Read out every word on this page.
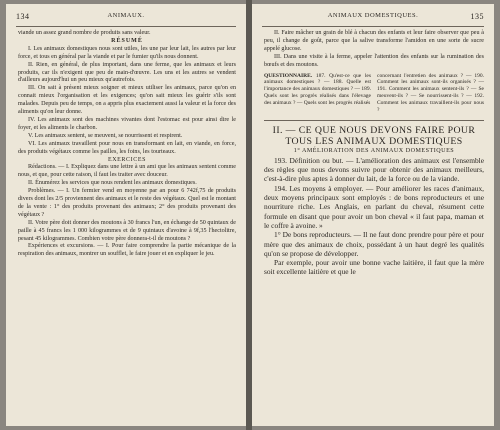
ANIMAUX.
134

viande un assez grand nombre de produits sans valeur.

RÉSUMÉ

I. Les animaux domestiques nous sont utiles, les une par leur lait, les autres par leur force, et tous en général par la viande et par le fumier qu'ils nous donnent.

II. Rien, en général, de plus important, dans une ferme, que les animaux et leurs produits, car ils n'exigent que peu de main-d'œuvre. Les uns et les autres se vendent d'ailleurs aujourd'hui un peu mieux qu'autrefois.

III. On sait à présent mieux soigner et mieux utiliser les animaux, parce qu'on en connait mieux l'organisation et les exigences; qu'on sait mieux les guérir s'ils sont malades. Depuis peu de temps, on a appris plus exactement aussi la valeur et la force des aliments qu'on leur donne.

IV. Les animaux sont des machines vivantes dont l'estomac est pour ainsi dire le foyer, et les aliments le charbon.

V. Les animaux sentent, se meuvent, se nourrissent et respirent.

VI. Les animaux travaillent pour nous en transformant en lait, en viande, en force, des produits végétaux comme les pailles, les foins, les tourteaux.

EXERCICES

Rédactions. — I. Expliquez dans une lettre à un ami que les animaux sentent comme nous, et que, pour cette raison, il faut les traiter avec douceur.

II. Énumérez les services que nous rendent les animaux domestiques.

Problèmes. — I. Un fermier vend en moyenne par an pour 6 742f,75 de produits divers dont les 2/5 proviennent des animaux et le reste des végétaux. Quel est le montant de la vente : 1° des produits provenant des animaux; 2° des produits provenant des végétaux ?

II. Votre père doit donner des moutons à 30 francs l'un, en échange de 50 quintaux de paille à 45 francs les 1 000 kilogrammes et de 9 quintaux d'avoine à 9f,35 l'hectolitre, pesant 45 kilogrammes. Combien votre père donnera-t-il de moutons ?

Expériences et excursions. — I. Pour faire comprendre la partie mécanique de la respiration des animaux, montrer un soufflet, le faire jouer et en expliquer le jeu.

ANIMAUX DOMESTIQUES.	135

II. Faire mâcher un grain de blé à chacun des enfants et leur faire observer que peu à peu, il change de goût, parce que la salive transforme l'amidon en une sorte de sucre appelé glucose.

III. Dans une visite à la ferme, appeler l'attention des enfants sur la rumination des bœufs et des moutons.

QUESTIONNAIRE. 187. Qu'est-ce que les animaux domestiques ? — 188. Quelle est l'importance des animaux domestiques ? — 189. Quels sont les progrès réalisés dans l'élevage des animaux ? — Quels sont les progrès réalisés
concernant l'entretien des animaux ? — 190. Comment les animaux sont-ils organisés ? — 191. Comment les animaux sentent-ils ? — Se meuvent-ils ? — Se nourrissent-ils ? — 192. Comment les animaux travaillent-ils pour nous ?

II. — CE QUE NOUS DEVONS FAIRE POUR TOUS LES ANIMAUX DOMESTIQUES

1° AMÉLIORATION DES ANIMAUX DOMESTIQUES

193. Définition ou but. — L'amélioration des animaux est l'ensemble des règles que nous devons suivre pour obtenir des animaux meilleurs, c'est-à-dire plus aptes à donner du lait, de la force ou de la viande.

194. Les moyens à employer. — Pour améliorer les races d'animaux, deux moyens principaux sont employés : de bons reproducteurs et une nourriture riche. Les Anglais, en parlant du cheval, résument cette formule en disant que pour avoir un bon cheval « il faut papa, maman et le coffre à avoine. »

1° De bons reproducteurs. — Il ne faut donc prendre pour père et pour mère que des animaux de choix, possédant à un haut degré les qualités qu'on se propose de développer.

Par exemple, pour avoir une bonne vache laitière, il faut que la mère soit excellente laitière et que le
